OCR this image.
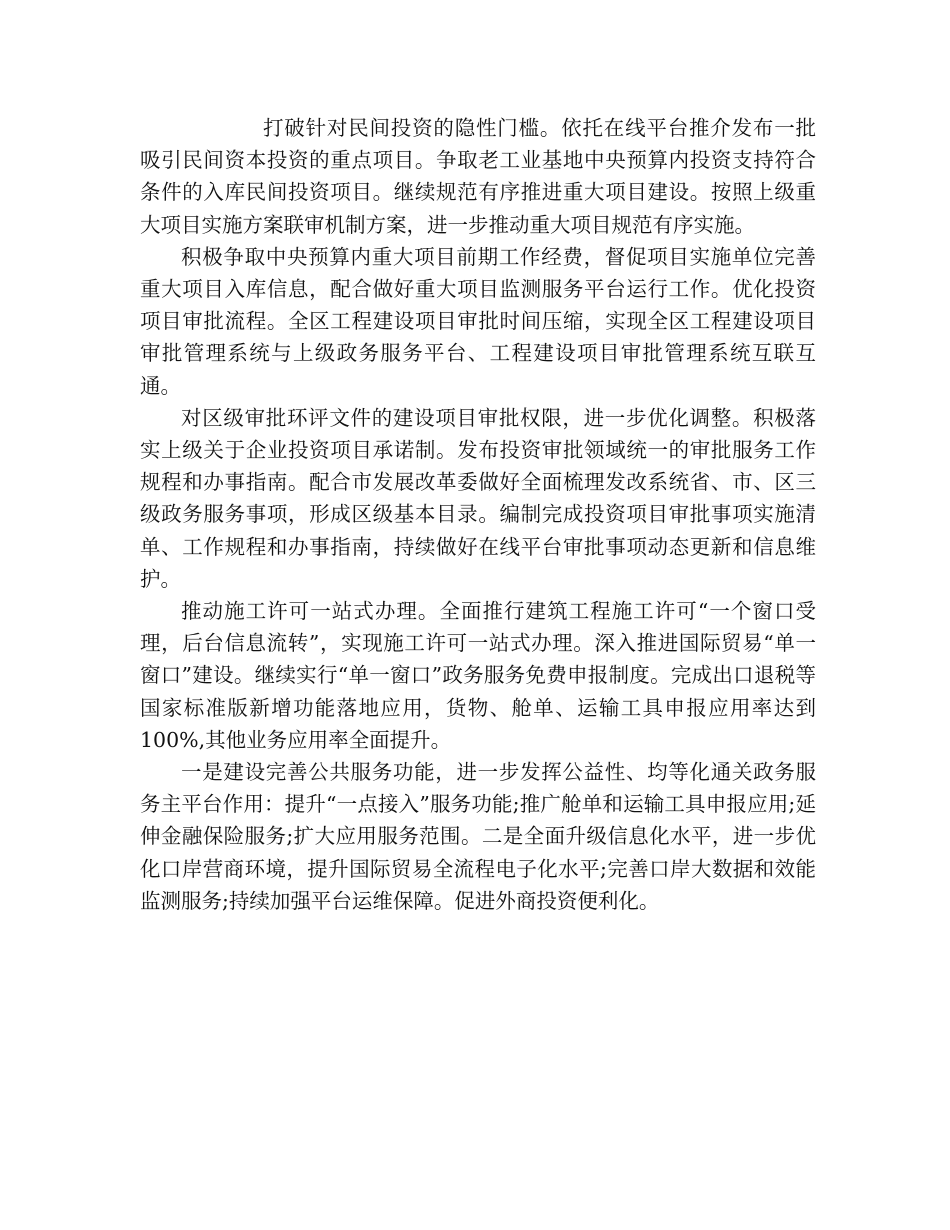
打破针对民间投资的隐性门槛。依托在线平台推介发布一批吸引民间资本投资的重点项目。争取老工业基地中央预算内投资支持符合条件的入库民间投资项目。继续规范有序推进重大项目建设。按照上级重大项目实施方案联审机制方案，进一步推动重大项目规范有序实施。

积极争取中央预算内重大项目前期工作经费，督促项目实施单位完善重大项目入库信息，配合做好重大项目监测服务平台运行工作。优化投资项目审批流程。全区工程建设项目审批时间压缩，实现全区工程建设项目审批管理系统与上级政务服务平台、工程建设项目审批管理系统互联互通。

对区级审批环评文件的建设项目审批权限，进一步优化调整。积极落实上级关于企业投资项目承诺制。发布投资审批领域统一的审批服务工作规程和办事指南。配合市发展改革委做好全面梳理发改系统省、市、区三级政务服务事项，形成区级基本目录。编制完成投资项目审批事项实施清单、工作规程和办事指南，持续做好在线平台审批事项动态更新和信息维护。

推动施工许可一站式办理。全面推行建筑工程施工许可“一个窗口受理，后台信息流转”，实现施工许可一站式办理。深入推进国际贸易“单一窗口”建设。继续实行“单一窗口”政务服务免费申报制度。完成出口退税等国家标准版新增功能落地应用，货物、舱单、运输工具申报应用率达到100%,其他业务应用率全面提升。

一是建设完善公共服务功能，进一步发挥公益性、均等化通关政务服务主平台作用：提升“一点接入”服务功能;推广舱单和运输工具申报应用;延伸金融保险服务;扩大应用服务范围。二是全面升级信息化水平，进一步优化口岸营商环境，提升国际贸易全流程电子化水平;完善口岸大数据和效能监测服务;持续加强平台运维保障。促进外商投资便利化。
